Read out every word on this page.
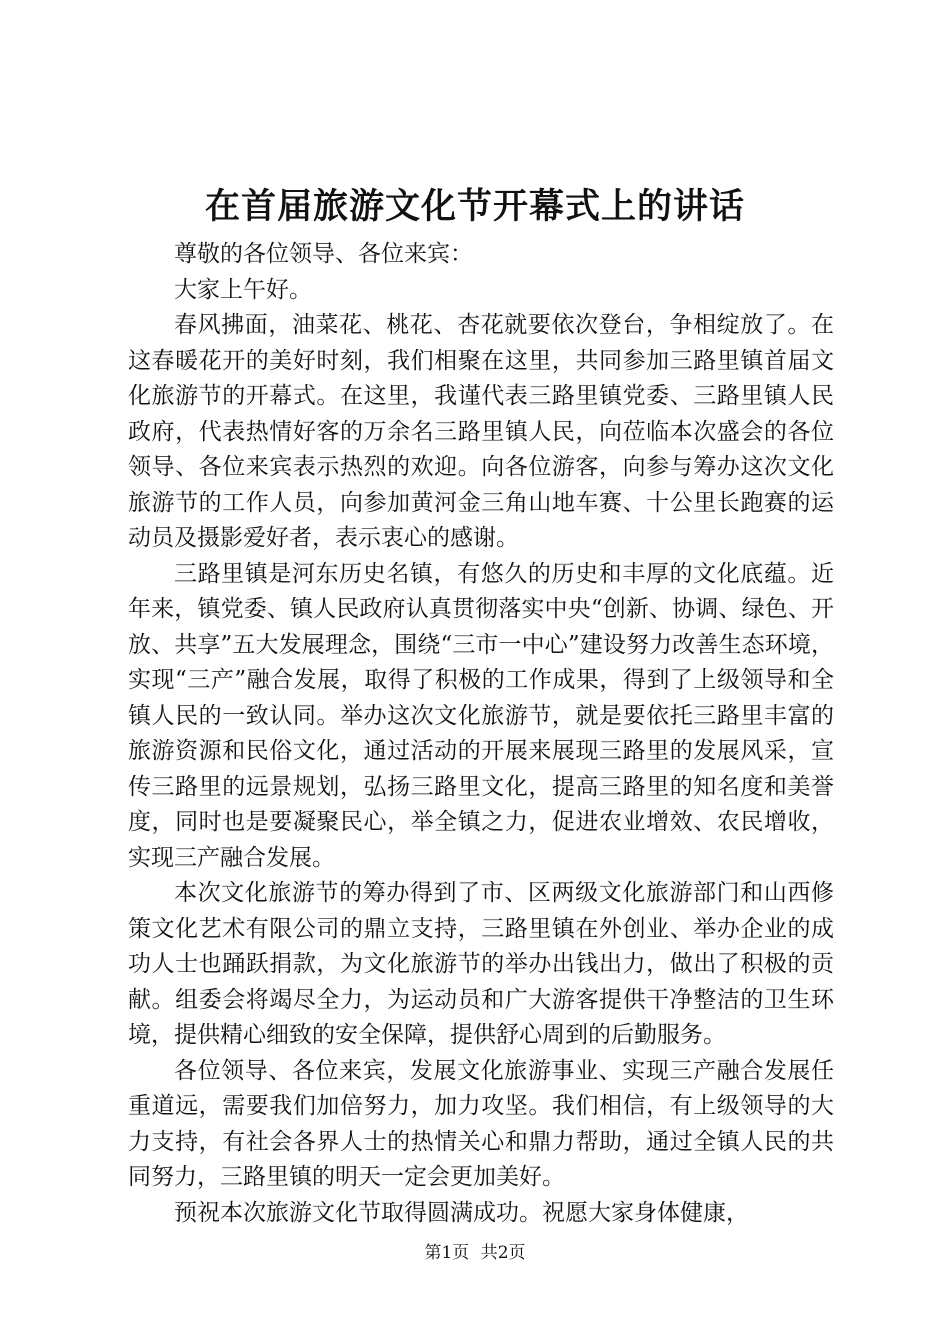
在首届旅游文化节开幕式上的讲话

尊敬的各位领导、各位来宾：

大家上午好。

春风拂面，油菜花、桃花、杏花就要依次登台，争相绽放了。在这春暖花开的美好时刻，我们相聚在这里，共同参加三路里镇首届文化旅游节的开幕式。在这里，我谨代表三路里镇党委、三路里镇人民政府，代表热情好客的万余名三路里镇人民，向莅临本次盛会的各位领导、各位来宾表示热烈的欢迎。向各位游客，向参与筹办这次文化旅游节的工作人员，向参加黄河金三角山地车赛、十公里长跑赛的运动员及摄影爱好者，表示衷心的感谢。

三路里镇是河东历史名镇，有悠久的历史和丰厚的文化底蕴。近年来，镇党委、镇人民政府认真贯彻落实中央“创新、协调、绿色、开放、共享”五大发展理念，围绕“三市一中心”建设努力改善生态环境，实现“三产”融合发展，取得了积极的工作成果，得到了上级领导和全镇人民的一致认同。举办这次文化旅游节，就是要依托三路里丰富的旅游资源和民俗文化，通过活动的开展来展现三路里的发展风采，宣传三路里的远景规划，弘扬三路里文化，提高三路里的知名度和美誉度，同时也是要凝聚民心，举全镇之力，促进农业增效、农民增收，实现三产融合发展。

本次文化旅游节的筹办得到了市、区两级文化旅游部门和山西修策文化艺术有限公司的鼎立支持，三路里镇在外创业、举办企业的成功人士也踊跃捐款，为文化旅游节的举办出钱出力，做出了积极的贡献。组委会将竭尽全力，为运动员和广大游客提供干净整洁的卫生环境，提供精心细致的安全保障，提供舒心周到的后勤服务。

各位领导、各位来宾，发展文化旅游事业、实现三产融合发展任重道远，需要我们加倍努力，加力攻坚。我们相信，有上级领导的大力支持，有社会各界人士的热情关心和鼎力帮助，通过全镇人民的共同努力，三路里镇的明天一定会更加美好。

预祝本次旅游文化节取得圆满成功。祝愿大家身体健康，

第1页 共2页
